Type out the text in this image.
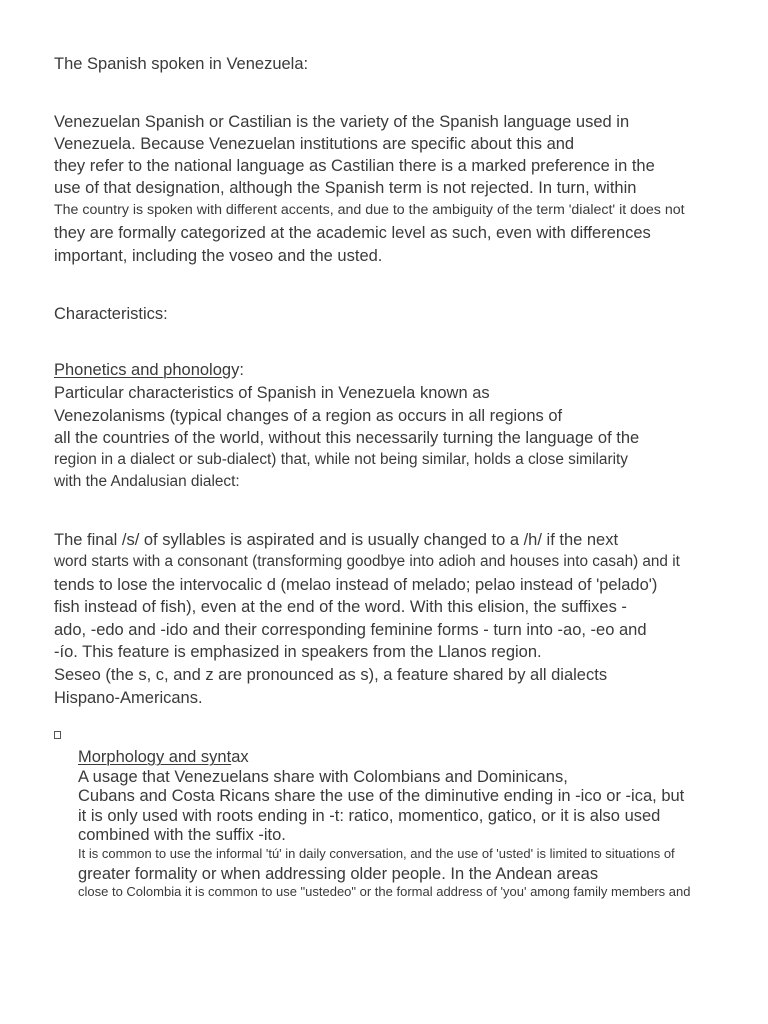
The Spanish spoken in Venezuela:
Venezuelan Spanish or Castilian is the variety of the Spanish language used in
Venezuela. Because Venezuelan institutions are specific about this and
they refer to the national language as Castilian there is a marked preference in the
use of that designation, although the Spanish term is not rejected. In turn, within
The country is spoken with different accents, and due to the ambiguity of the term 'dialect' it does not
they are formally categorized at the academic level as such, even with differences
important, including the voseo and the usted.
Characteristics:
Phonetics and phonology:
Particular characteristics of Spanish in Venezuela known as
Venezolanisms (typical changes of a region as occurs in all regions of
all the countries of the world, without this necessarily turning the language of the
region in a dialect or sub-dialect) that, while not being similar, holds a close similarity
with the Andalusian dialect:
The final /s/ of syllables is aspirated and is usually changed to a /h/ if the next
word starts with a consonant (transforming goodbye into adioh and houses into casah) and it
tends to lose the intervocalic d (melao instead of melado; pelao instead of 'pelado')
fish instead of fish), even at the end of the word. With this elision, the suffixes -
ado, -edo and -ido and their corresponding feminine forms - turn into -ao, -eo and
-ío. This feature is emphasized in speakers from the Llanos region.
Seseo (the s, c, and z are pronounced as s), a feature shared by all dialects
Hispano-Americans.
Morphology and syntax
A usage that Venezuelans share with Colombians and Dominicans,
Cubans and Costa Ricans share the use of the diminutive ending in -ico or -ica, but
it is only used with roots ending in -t: ratico, momentico, gatico, or it is also used
combined with the suffix -ito.
It is common to use the informal 'tú' in daily conversation, and the use of 'usted' is limited to situations of
greater formality or when addressing older people. In the Andean areas
close to Colombia it is common to use "ustedeo" or the formal address of 'you' among family members and
